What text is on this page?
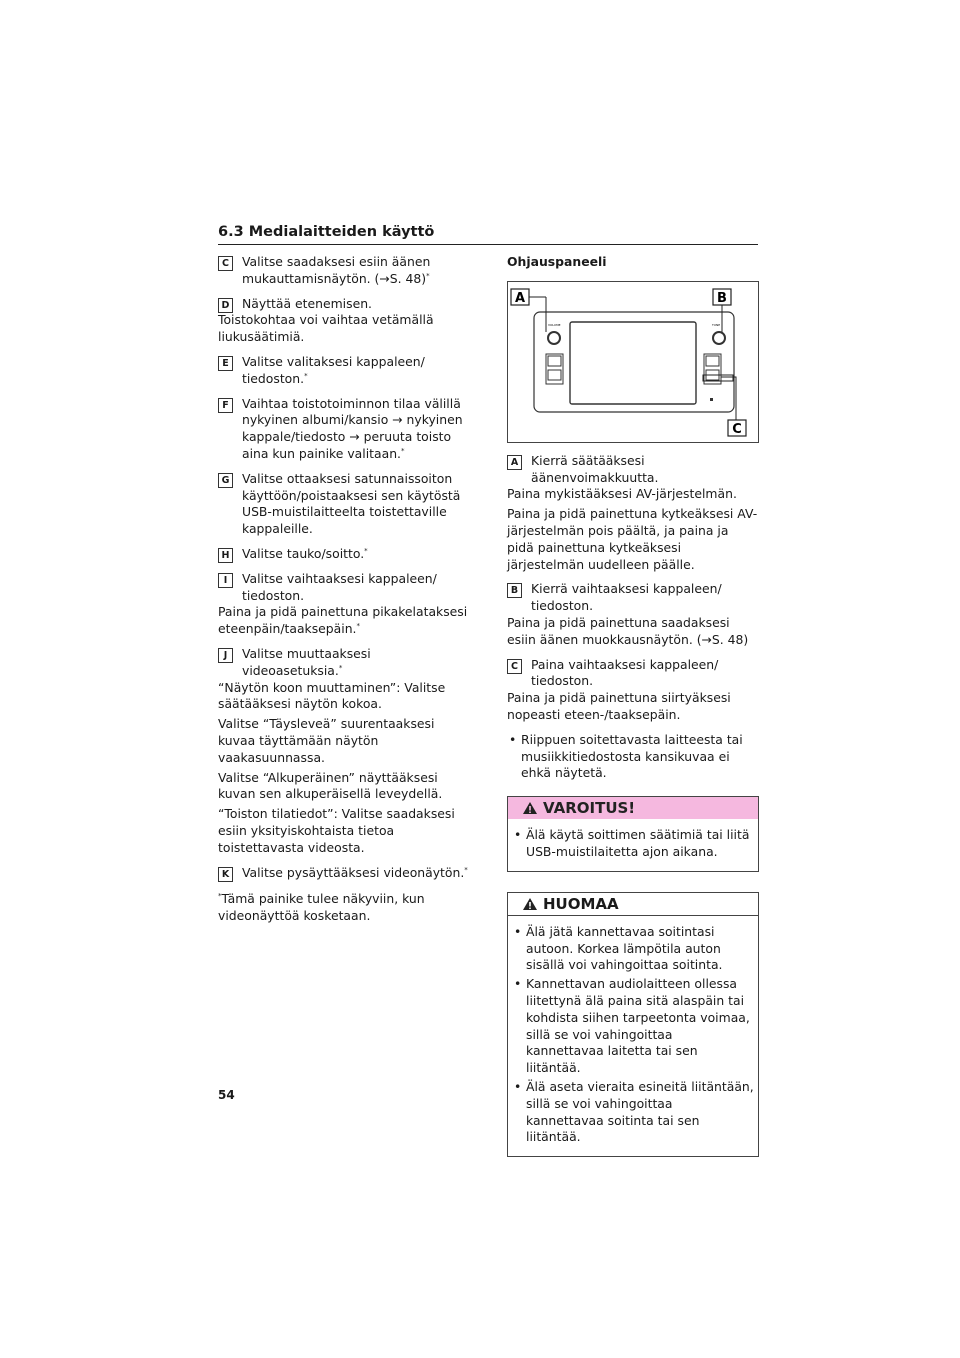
6.3 Medialaitteiden käyttö
C	Valitse saadaksesi esiin äänen mukauttamisnäytön. (→S. 48)*
D Näyttää etenemisen.
Toistokohtaa voi vaihtaa vetämällä liukusäätimiä.
E	Valitse valitaksesi kappaleen/ tiedoston.*
F	Vaihtaa toistotoiminnon tilaa välillä nykyinen albumi/kansio → nykyinen kappale/tiedosto → peruuta toisto aina kun painike valitaan.*
G Valitse ottaaksesi satunnaissoiton käyttöön/poistaaksesi sen käytöstä USB-muistilaitteelta toistettaville kappaleille.
H Valitse tauko/soitto.*
I	Valitse vaihtaaksesi kappaleen/ tiedoston.
Paina ja pidä painettuna pikakelataksesi eteenpäin/taaksepäin.*
J	Valitse muuttaaksesi videoasetuksia.*
“Näytön koon muuttaminen”: Valitse säätääksesi näytön kokoa.
Valitse “Täysleveä” suurentaaksesi kuvaa täyttämään näytön vaakasuunnassa.
Valitse “Alkuperäinen” näyttääksesi kuvan sen alkuperäisellä leveydellä.
“Toiston tilatiedot”: Valitse saadaksesi esiin yksityiskohtaista tietoa toistettavasta videosta.
K	Valitse pysäyttääksesi videonäytön.*
*Tämä painike tulee näkyviin, kun videonäyttöä kosketaan.
Ohjauspaneeli
VOLUME	TUNE
A	B
C
A	Kierrä säätääksesi äänenvoimakkuutta.
Paina mykistääksesi AV-järjestelmän.
Paina ja pidä painettuna kytkeäksesi AV-järjestelmän pois päältä, ja paina ja pidä painettuna kytkeäksesi järjestelmän uudelleen päälle.
B	Kierrä vaihtaaksesi kappaleen/ tiedoston.
Paina ja pidä painettuna saadaksesi esiin äänen muokkausnäytön. (→S. 48)
C	Paina vaihtaaksesi kappaleen/ tiedoston.
Paina ja pidä painettuna siirtyäksesi nopeasti eteen-/taaksepäin.
• Riippuen soitettavasta laitteesta tai musiikkitiedostosta kansikuvaa ei ehkä näytetä.
VAROITUS!
• Älä käytä soittimen säätimiä tai liitä USB-muistilaitetta ajon aikana.
HUOMAA
• Älä jätä kannettavaa soitintasi autoon. Korkea lämpötila auton sisällä voi vahingoittaa soitinta.
• Kannettavan audiolaitteen ollessa liitettynä älä paina sitä alaspäin tai kohdista siihen tarpeetonta voimaa, sillä se voi vahingoittaa kannettavaa laitetta tai sen liitäntää.
• Älä aseta vieraita esineitä liitäntään, sillä se voi vahingoittaa kannettavaa soitinta tai sen liitäntää.
54
